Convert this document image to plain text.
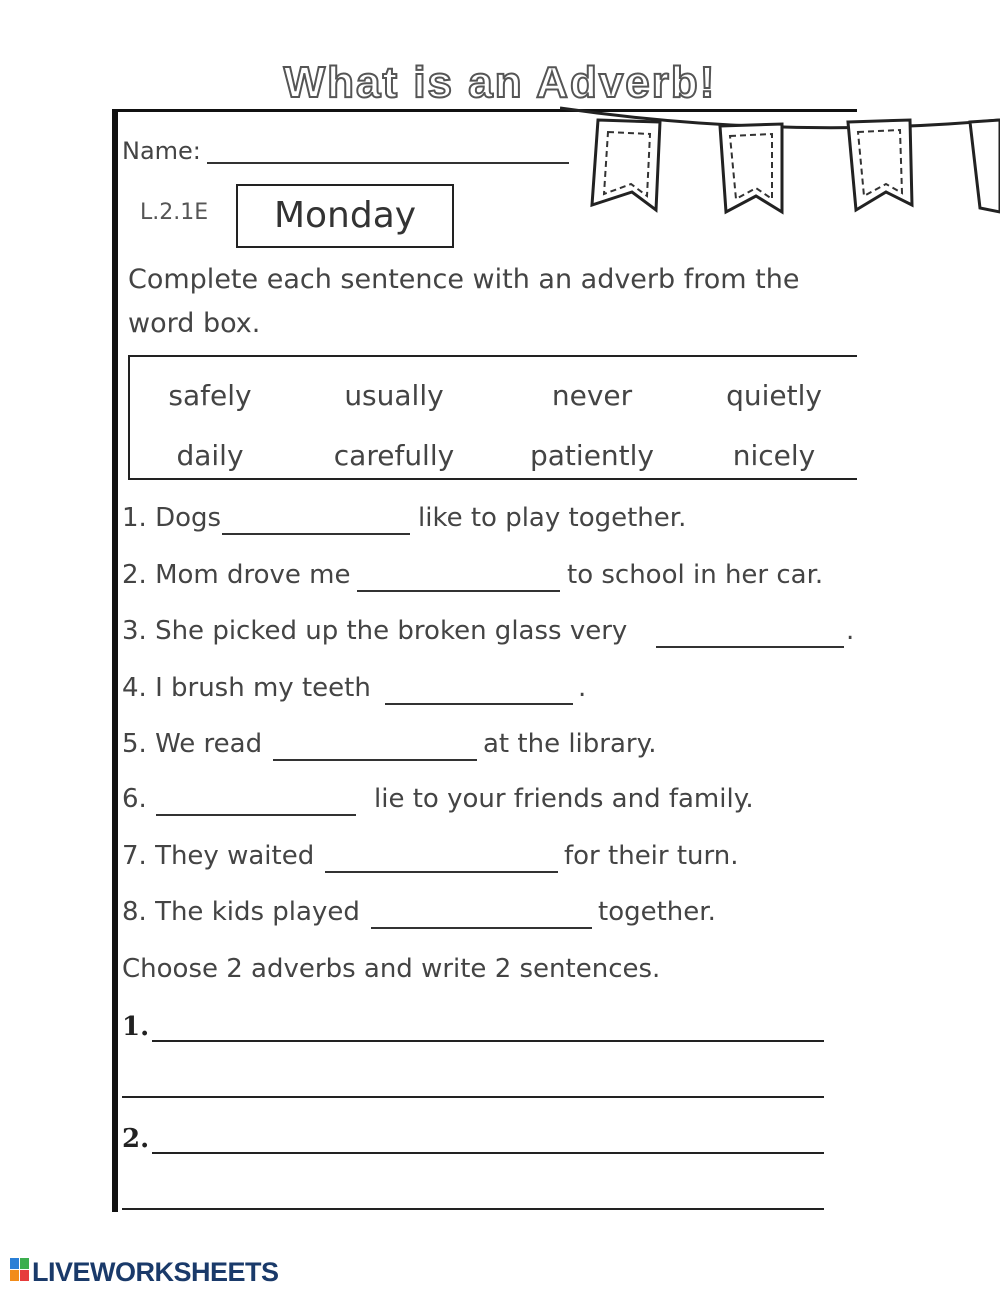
What is an Adverb!
Name:
L.2.1E	Monday
Complete each sentence with an adverb from the word box.
safely	usually	never	quietly
daily	carefully	patiently	nicely
1. Dogs	like to play together.
2. Mom drove me	to school in her car.
3. She picked up the broken glass very	.
4. I brush my teeth	.
5. We read	at the library.
6.	lie to your friends and family.
7. They waited	for their turn.
8. The kids played	together.
Choose 2 adverbs and write 2 sentences.
1.
2.
LIVEWORKSHEETS
